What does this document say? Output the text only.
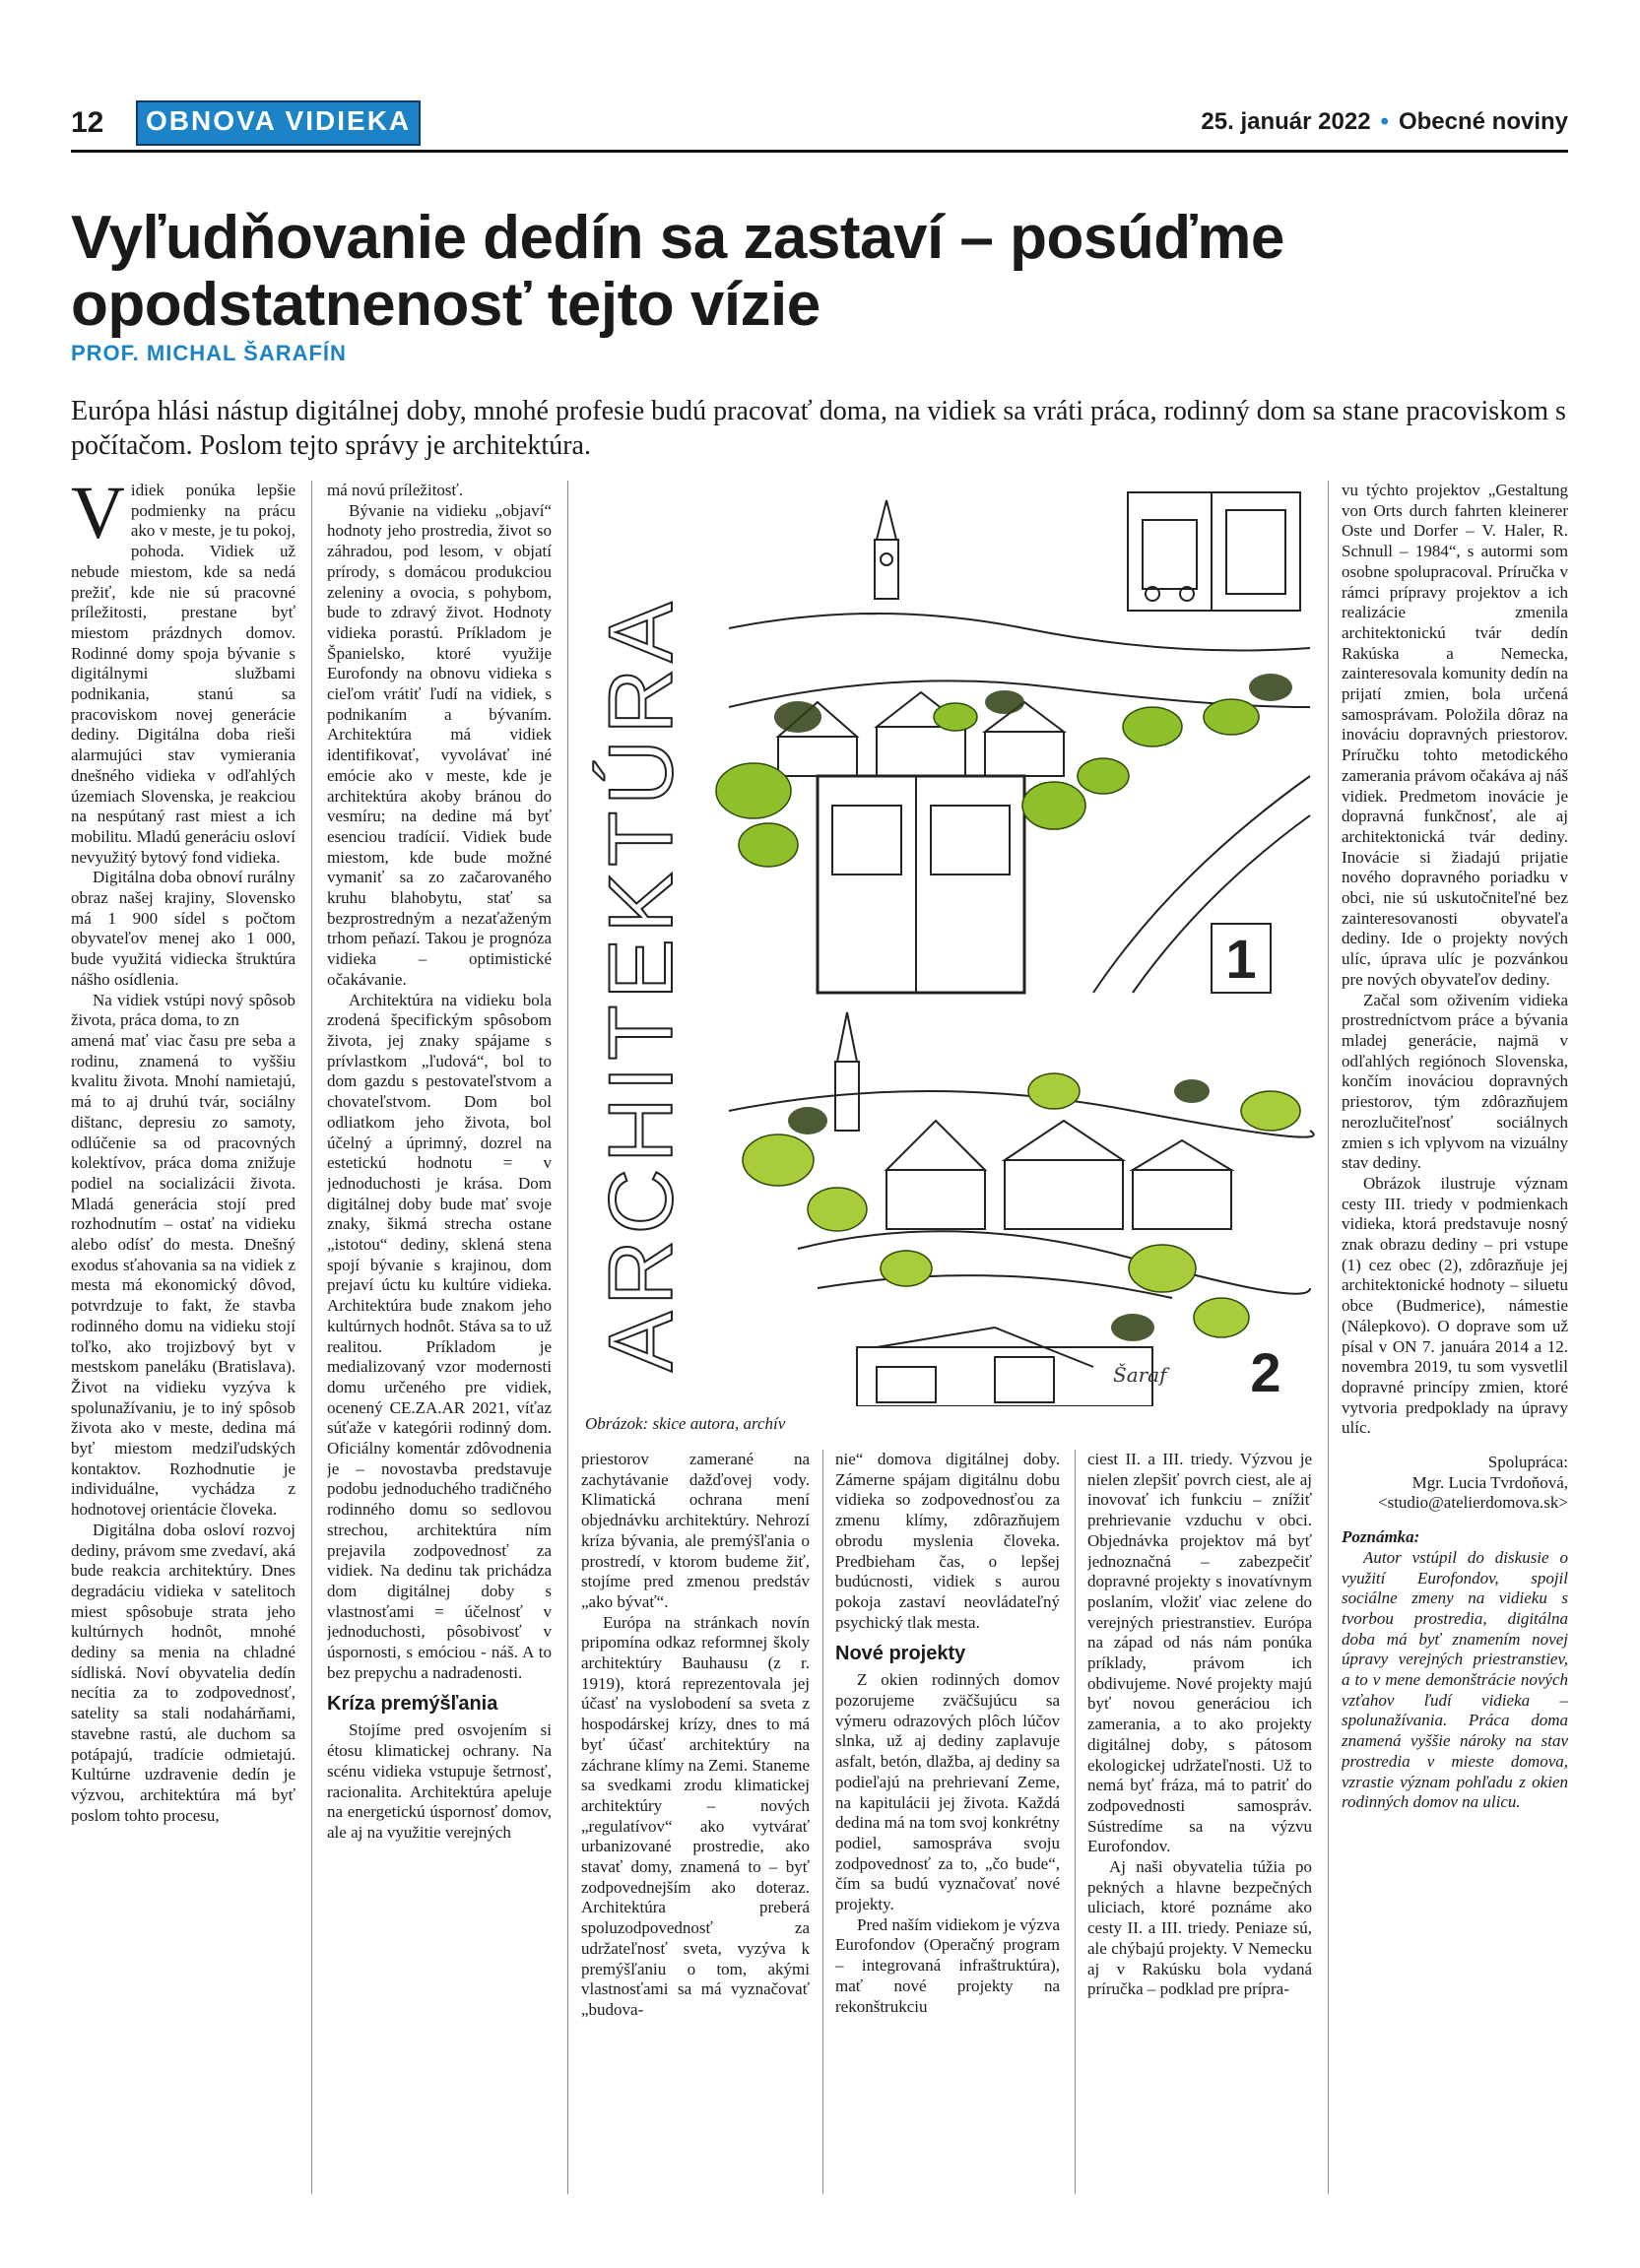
12 OBNOVA VIDIEKA	25. január 2022 • Obecné noviny
Vyľudňovanie dedín sa zastaví – posúďme opodstatnenosť tejto vízie
PROF. MICHAL ŠARAFÍN
Európa hlási nástup digitálnej doby, mnohé profesie budú pracovať doma, na vidiek sa vráti práca, rodinný dom sa stane pracoviskom s počítačom. Poslom tejto správy je architektúra.

Vidiek ponúka lepšie podmienky na prácu ako v meste, je tu pokoj, pohoda. Vidiek už nebude miestom, kde sa nedá prežiť, kde nie sú pracovné príležitosti, prestane byť miestom prázdnych domov. Rodinné domy spoja bývanie s digitálnymi službami podnikania, stanú sa pracoviskom novej generácie dediny. Digitálna doba rieši alarmujúci stav vymierania dnešného vidieka v odľahlých územiach Slovenska, je reakciou na nespútaný rast miest a ich mobilitu. Mladú generáciu osloví nevyužitý bytový fond vidieka.

Digitálna doba obnoví rurálny obraz našej krajiny, Slovensko má 1 900 sídel s počtom obyvateľov menej ako 1 000, bude využitá vidiecka štruktúra nášho osídlenia.

Na vidiek vstúpi nový spôsob života, práca doma, to zn

amená mať viac času pre seba a rodinu, znamená to vyššiu kvalitu života. Mnohí namietajú, má to aj druhú tvár, sociálny dištanc, depresiu zo samoty, odlúčenie sa od pracovných kolektívov, práca doma znižuje podiel na socializácii života. Mladá generácia stojí pred rozhodnutím – ostať na vidieku alebo odísť do mesta. Dnešný exodus sťahovania sa na vidiek z mesta má ekonomický dôvod, potvrdzuje to fakt, že stavba rodinného domu na vidieku stojí toľko, ako trojizbový byt v mestskom paneláku (Bratislava). Život na vidieku vyzýva k spolunažívaniu, je to iný spôsob života ako v meste, dedina má byť miestom medziľudských kontaktov. Rozhodnutie je individuálne, vychádza z hodnotovej orientácie človeka.

Digitálna doba osloví rozvoj dediny, právom sme zvedaví, aká bude reakcia architektúry. Dnes degradáciu vidieka v satelitoch miest spôsobuje strata jeho kultúrnych hodnôt, mnohé dediny sa menia na chladné sídliská. Noví obyvatelia dedín necítia za to zodpovednosť, satelity sa stali nodahárňami, stavebne rastú, ale duchom sa potápajú, tradície odmietajú. Kultúrne uzdravenie dedín je výzvou, architektúra má byť poslom tohto procesu,

má novú príležitosť.

Bývanie na vidieku „objaví“ hodnoty jeho prostredia, život so záhradou, pod lesom, v objatí prírody, s domácou produkciou zeleniny a ovocia, s pohybom, bude to zdravý život. Hodnoty vidieka porastú. Príkladom je Španielsko, ktoré využije Eurofondy na obnovu vidieka s cieľom vrátiť ľudí na vidiek, s podnikaním a bývaním. Architektúra má vidiek identifikovať, vyvolávať iné emócie ako v meste, kde je architektúra akoby bránou do vesmíru; na dedine má byť esenciou tradícií. Vidiek bude miestom, kde bude možné vymaniť sa zo začarovaného kruhu blahobytu, stať sa bezprostredným a nezaťaženým trhom peňazí. Takou je prognóza vidieka – optimistické očakávanie.

Architektúra na vidieku bola zrodená špecifickým spôsobom života, jej znaky spájame s prívlastkom „ľudová“, bol to dom gazdu s pestovateľstvom a chovateľstvom. Dom bol odliatkom jeho života, bol účelný a úprimný, dozrel na estetickú hodnotu = v jednoduchosti je krása. Dom digitálnej doby bude mať svoje znaky, šikmá strecha ostane „istotou“ dediny, sklená stena spojí bývanie s krajinou, dom prejaví úctu ku kultúre vidieka. Architektúra bude znakom jeho kultúrnych hodnôt. Stáva sa to už realitou. Príkladom je medializovaný vzor modernosti domu určeného pre vidiek, ocenený CE.ZA.AR 2021, víťaz súťaže v kategórii rodinný dom. Oficiálny komentár zdôvodnenia je – novostavba predstavuje podobu jednoduchého tradičného rodinného domu so sedlovou strechou, architektúra ním prejavila zodpovednosť za vidiek. Na dedinu tak prichádza dom digitálnej doby s vlastnosťami = účelnosť v jednoduchosti, pôsobivosť v úspornosti, s emóciou - náš. A to bez prepychu a nadradenosti.

Kríza premýšľania

Stojíme pred osvojením si étosu klimatickej ochrany. Na scénu vidieka vstupuje šetrnosť, racionalita. Architektúra apeluje na energetickú úspornosť domov, ale aj na využitie verejných

ARCHITEKTÚRA	1
Šaraf 2
Obrázok: skice autora, archív

priestorov zamerané na zachytávanie dažďovej vody. Klimatická ochrana mení objednávku architektúry. Nehrozí kríza bývania, ale premýšľania o prostredí, v ktorom budeme žiť, stojíme pred zmenou predstáv „ako bývať“.

Európa na stránkach novín pripomína odkaz reformnej školy architektúry Bauhausu (z r. 1919), ktorá reprezentovala jej účasť na vyslobodení sa sveta z hospodárskej krízy, dnes to má byť účasť architektúry na záchrane klímy na Zemi. Staneme sa svedkami zrodu klimatickej architektúry – nových „regulatívov“ ako vytvárať urbanizované prostredie, ako stavať domy, znamená to – byť zodpovednejším ako doteraz. Architektúra preberá spoluzodpovednosť za udržateľnosť sveta, vyzýva k premýšľaniu o tom, akými vlastnosťami sa má vyznačovať „budova-

nie“ domova digitálnej doby. Zámerne spájam digitálnu dobu vidieka so zodpovednosťou za zmenu klímy, zdôrazňujem obrodu myslenia človeka. Predbieham čas, o lepšej budúcnosti, vidiek s aurou pokoja zastaví neovládateľný psychický tlak mesta.

Nové projekty

Z okien rodinných domov pozorujeme zväčšujúcu sa výmeru odrazových plôch lúčov slnka, už aj dediny zaplavuje asfalt, betón, dlažba, aj dediny sa podieľajú na prehrievaní Zeme, na kapitulácii jej života. Každá dedina má na tom svoj konkrétny podiel, samospráva svoju zodpovednosť za to, „čo bude“, čím sa budú vyznačovať nové projekty.

Pred naším vidiekom je výzva Eurofondov (Operačný program – integrovaná infraštruktúra), mať nové projekty na rekonštrukciu

ciest II. a III. triedy. Výzvou je nielen zlepšiť povrch ciest, ale aj inovovať ich funkciu – znížiť prehrievanie vzduchu v obci. Objednávka projektov má byť jednoznačná – zabezpečiť dopravné projekty s inovatívnym poslaním, vložiť viac zelene do verejných priestranstiev. Európa na západ od nás nám ponúka príklady, právom ich obdivujeme. Nové projekty majú byť novou generáciou ich zamerania, a to ako projekty digitálnej doby, s pátosom ekologickej udržateľnosti. Už to nemá byť fráza, má to patriť do zodpovednosti samospráv. Sústredíme sa na výzvu Eurofondov.

Aj naši obyvatelia túžia po pekných a hlavne bezpečných uliciach, ktoré poznáme ako cesty II. a III. triedy. Peniaze sú, ale chýbajú projekty. V Nemecku aj v Rakúsku bola vydaná príručka – podklad pre prípra-

vu týchto projektov „Gestaltung von Orts durch fahrten kleinerer Oste und Dorfer – V. Haler, R. Schnull – 1984“, s autormi som osobne spolupracoval. Príručka v rámci prípravy projektov a ich realizácie zmenila architektonickú tvár dedín Rakúska a Nemecka, zainteresovala komunity dedín na prijatí zmien, bola určená samosprávam. Položila dôraz na inováciu dopravných priestorov. Príručku tohto metodického zamerania právom očakáva aj náš vidiek. Predmetom inovácie je dopravná funkčnosť, ale aj architektonická tvár dediny. Inovácie si žiadajú prijatie nového dopravného poriadku v obci, nie sú uskutočniteľné bez zainteresovanosti obyvateľa dediny. Ide o projekty nových ulíc, úprava ulíc je pozvánkou pre nových obyvateľov dediny.

Začal som oživením vidieka prostredníctvom práce a bývania mladej generácie, najmä v odľahlých regiónoch Slovenska, končím inováciou dopravných priestorov, tým zdôrazňujem nerozlučiteľnosť sociálnych zmien s ich vplyvom na vizuálny stav dediny.

Obrázok ilustruje význam cesty III. triedy v podmienkach vidieka, ktorá predstavuje nosný znak obrazu dediny – pri vstupe (1) cez obec (2), zdôrazňuje jej architektonické hodnoty – siluetu obce (Budmerice), námestie (Nálepkovo). O doprave som už písal v ON 7. januára 2014 a 12. novembra 2019, tu som vysvetlil dopravné princípy zmien, ktoré vytvoria predpoklady na úpravy ulíc.

Spolupráca:

Mgr. Lucia Tvrdoňová,

<studio@atelierdomova.sk>

Poznámka:

Autor vstúpil do diskusie o využití Eurofondov, spojil sociálne zmeny na vidieku s tvorbou prostredia, digitálna doba má byť znamením novej úpravy verejných priestranstiev, a to v mene demonštrácie nových vzťahov ľudí vidieka – spolunažívania. Práca doma znamená vyššie nároky na stav prostredia v mieste domova, vzrastie význam pohľadu z okien rodinných domov na ulicu.
